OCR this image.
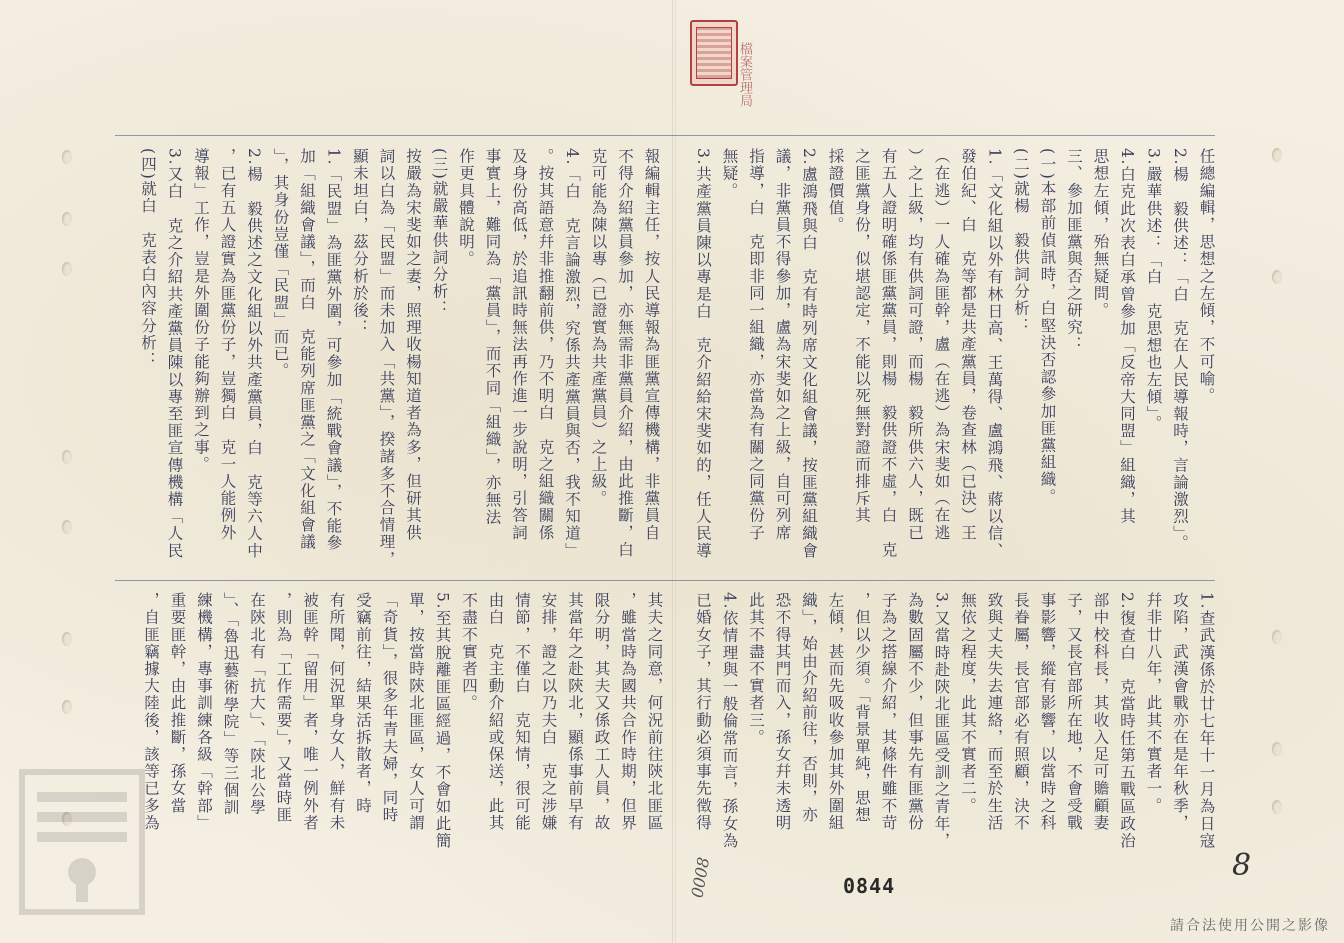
檔案管理局
(四)就白　克表白內容分析： 3.又白　克之介紹共產黨員陳以專至匪宣傳機構「人民 導報」工作，豈是外圍份子能夠辦到之事。 ，已有五人證實為匪黨份子，豈獨白　克一人能例外 2.楊　毅供述之文化組以外共產黨員，白　克等六人中 」，其身份豈僅「民盟」而已。 加「組織會議」，而白　克能列席匪黨之「文化組會議 1.「民盟」為匪黨外圍，可參加「統戰會議」，不能參 顯未坦白，茲分析於後： 詞以白為「民盟」而未加入「共黨」，揆諸多不合情理， 按嚴為宋斐如之妻，照理收楊知道者為多，但研其供 (三)就嚴華供詞分析： 作更具體說明。 事實上，難同為「黨員」，而不同「組織」，亦無法 及身份高低，於追訊時無法再作進一步說明，引答詞 。按其語意幷非推翻前供，乃不明白　克之組織關係 4.「白　克言論激烈，究係共產黨員與否，我不知道」 克可能為陳以專（已證實為共產黨員）之上級。 不得介紹黨員參加，亦無需非黨員介紹，由此推斷，白 報編輯主任，按人民導報為匪黨宣傳機構，非黨員自 3.共產黨員陳以專是白　克介紹給宋斐如的，任人民導 無疑。 指導，白　克即非同一組織，亦當為有關之同黨份子 議，非黨員不得參加，盧為宋斐如之上級，自可列席 2.盧鴻飛與白　克有時列席文化組會議，按匪黨組織會 採證價值。 之匪黨身份，似堪認定，不能以死無對證而排斥其 有五人證明確係匪黨黨員，則楊　毅供證不虛，白　克 ）之上級，均有供詞可證，而楊　毅所供六人，既已 （在逃）一人確為匪幹，盧（在逃）為宋斐如（在逃 發伯紀、白　克等都是共產黨員，卷查林（已決）王 1.「文化組以外有林日高、王萬得、盧鴻飛、蔣以信、 (二)就楊　毅供詞分析： (一)本部前偵訊時，白堅決否認參加匪黨組織。 三、參加匪黨與否之研究： 思想左傾，殆無疑問。 4.白克此次表白承曾參加「反帝大同盟」組織，其 3.嚴華供述：「白　克思想也左傾」。 2.楊　毅供述：「白　克在人民導報時，言論激烈」。 任總編輯，思想之左傾，不可喻。
，自匪竊據大陸後，該等已多為 重要匪幹，由此推斷，孫女當 練機構，專事訓練各級「幹部」 」、「魯迅藝術學院」等三個訓 在陝北有「抗大」、「陝北公學 ，則為「工作需要」，又當時匪 被匪幹「留用」者，唯一例外者 有所聞，何況單身女人，鮮有未 受竊前往，結果活拆散者，時 「奇貨」，很多年青夫婦，同時 單，按當時陝北匪區，女人可謂 5.至其脫離匪區經過，不會如此簡 不盡不實者四。 由白　克主動介紹或保送，此其 情節，不僅白　克知情，很可能 安排，證之以乃夫白　克之涉嫌 其當年之赴陝北，顯係事前早有 限分明，其夫又係政工人員，故 ，雖當時為國共合作時期，但界 其夫之同意，何況前往陝北匪區 已婚女子，其行動必須事先徵得 4.依情理與一般倫常而言，孫女為 此其不盡不實者三。 恐不得其門而入，孫女幷未透明 織」，始由介紹前往，否則，亦 左傾，甚而先吸收參加其外圍組 ，但以少須。「背景單純，思想 子為之搭線介紹，其條件雖不苛 為數固屬不少，但事先有匪黨份 3.又當時赴陝北匪區受訓之青年， 無依之程度，此其不實者二。 致與丈夫失去連絡，而至於生活 長眷屬，長官部必有照顧，決不 事影響，縱有影響，以當時之科 子，又長官部所在地，不會受戰 部中校科長，其收入足可贍顧妻 2.復查白　克當時任第五戰區政治 幷非廿八年，此其不實者一。 攻陷，武漢會戰亦在是年秋季， 1.查武漢係於廿七年十一月為日寇
0844
0008	8
請合法使用公開之影像
